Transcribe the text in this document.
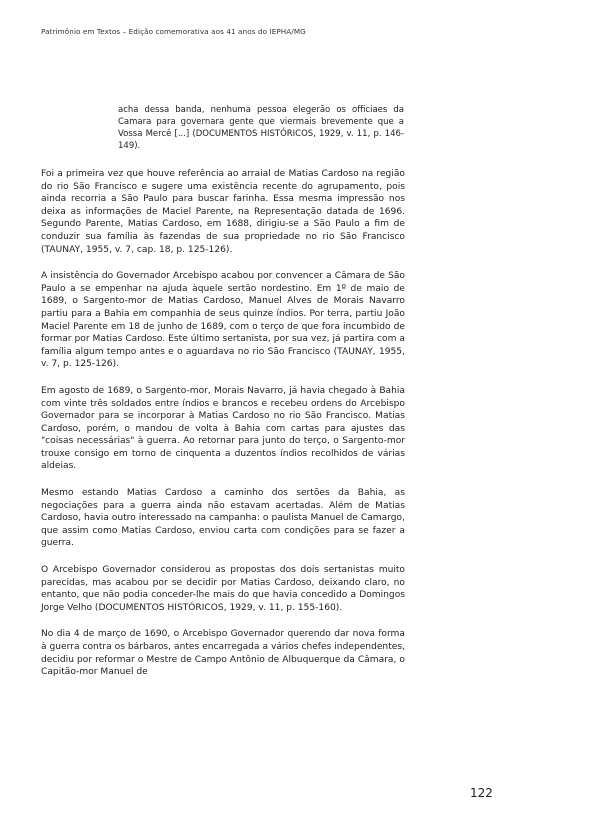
Patrimônio em Textos – Edição comemorativa aos 41 anos do IEPHA/MG
acha dessa banda, nenhuma pessoa elegerão os officiaes da Camara para governara gente que viermais brevemente que a Vossa Mercê [...] (DOCUMENTOS HISTÓRICOS, 1929, v. 11, p. 146-149).

Foi a primeira vez que houve referência ao arraial de Matias Cardoso na região do rio São Francisco e sugere uma existência recente do agrupamento, pois ainda recorria a São Paulo para buscar farinha. Essa mesma impressão nos deixa as informações de Maciel Parente, na Representação datada de 1696. Segundo Parente, Matias Cardoso, em 1688, dirigiu-se a São Paulo a fim de conduzir sua família às fazendas de sua propriedade no rio São Francisco (TAUNAY, 1955, v. 7, cap. 18, p. 125-126).

A insistência do Governador Arcebispo acabou por convencer a Câmara de São Paulo a se empenhar na ajuda àquele sertão nordestino. Em 1º de maio de 1689, o Sargento-mor de Matias Cardoso, Manuel Alves de Morais Navarro partiu para a Bahia em companhia de seus quinze índios. Por terra, partiu João Maciel Parente em 18 de junho de 1689, com o terço de que fora incumbido de formar por Matias Cardoso. Este último sertanista, por sua vez, já partira com a família algum tempo antes e o aguardava no rio São Francisco (TAUNAY, 1955, v. 7, p. 125-126).

Em agosto de 1689, o Sargento-mor, Morais Navarro, já havia chegado à Bahia com vinte três soldados entre índios e brancos e recebeu ordens do Arcebispo Governador para se incorporar à Matias Cardoso no rio São Francisco. Matias Cardoso, porém, o mandou de volta à Bahia com cartas para ajustes das "coisas necessárias" à guerra. Ao retornar para junto do terço, o Sargento-mor trouxe consigo em torno de cinquenta a duzentos índios recolhidos de várias aldeias.

Mesmo estando Matias Cardoso a caminho dos sertões da Bahia, as negociações para a guerra ainda não estavam acertadas. Além de Matias Cardoso, havia outro interessado na campanha: o paulista Manuel de Camargo, que assim como Matias Cardoso, enviou carta com condições para se fazer a guerra.

O Arcebispo Governador considerou as propostas dos dois sertanistas muito parecidas, mas acabou por se decidir por Matias Cardoso, deixando claro, no entanto, que não podia conceder-lhe mais do que havia concedido a Domingos Jorge Velho (DOCUMENTOS HISTÓRICOS, 1929, v. 11, p. 155-160).

No dia 4 de março de 1690, o Arcebispo Governador querendo dar nova forma à guerra contra os bárbaros, antes encarregada a vários chefes independentes, decidiu por reformar o Mestre de Campo Antônio de Albuquerque da Câmara, o Capitão-mor Manuel de

122
